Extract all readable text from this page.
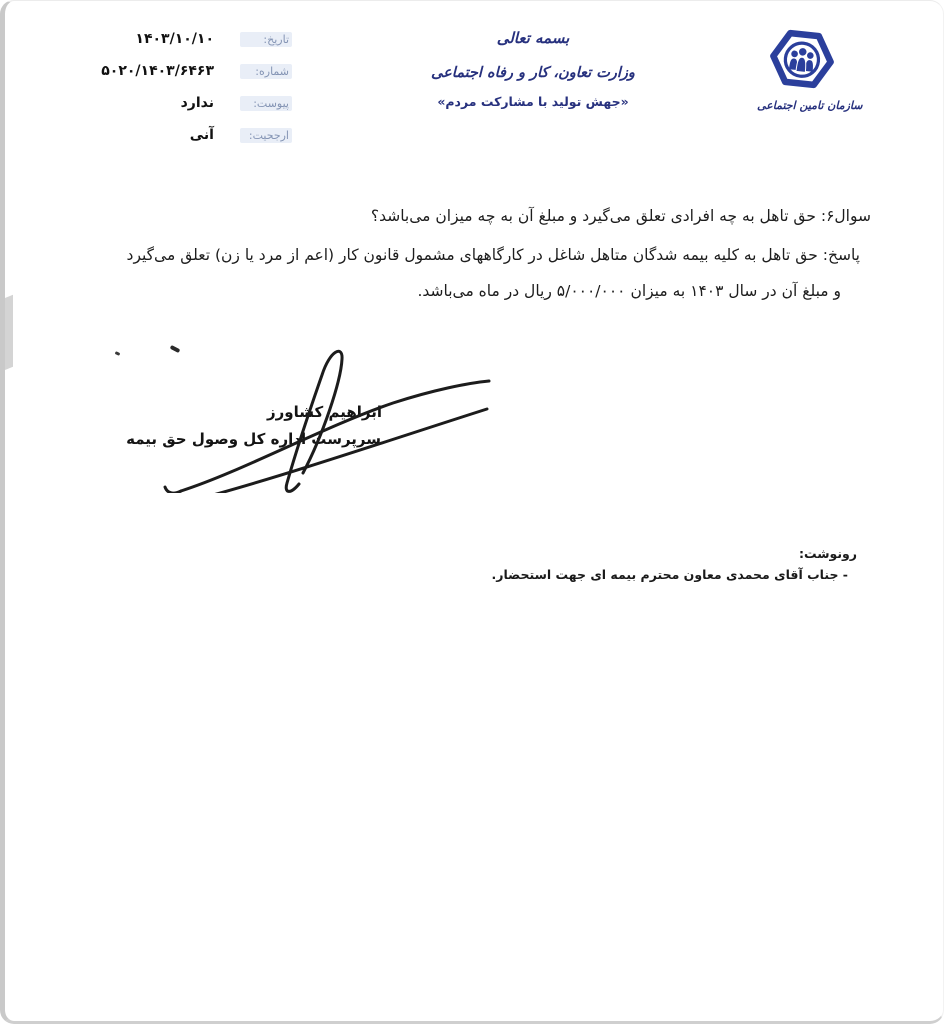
سازمان تامین اجتماعی
بسمه تعالی
وزارت تعاون، کار و رفاه اجتماعی
«جهش تولید با مشارکت مردم»
تاریخ:
۱۴۰۳/۱۰/۱۰
شماره:
۵۰۲۰/۱۴۰۳/۶۴۶۳
پیوست:
ندارد
ارجحیت:
آنی
سوال۶: حق تاهل به چه افرادی تعلق می‌گیرد و مبلغ آن به چه میزان می‌باشد؟
پاسخ: حق تاهل به کلیه بیمه شدگان متاهل شاغل در کارگاههای مشمول قانون کار (اعم از مرد یا زن) تعلق می‌گیرد
و مبلغ آن در سال ۱۴۰۳ به میزان ۵/۰۰۰/۰۰۰ ریال در ماه می‌باشد.
ابراهیم کشاورز
سرپرست اداره کل وصول حق بیمه
رونوشت:
- جناب آقای محمدی معاون محترم بیمه ای جهت استحضار.
